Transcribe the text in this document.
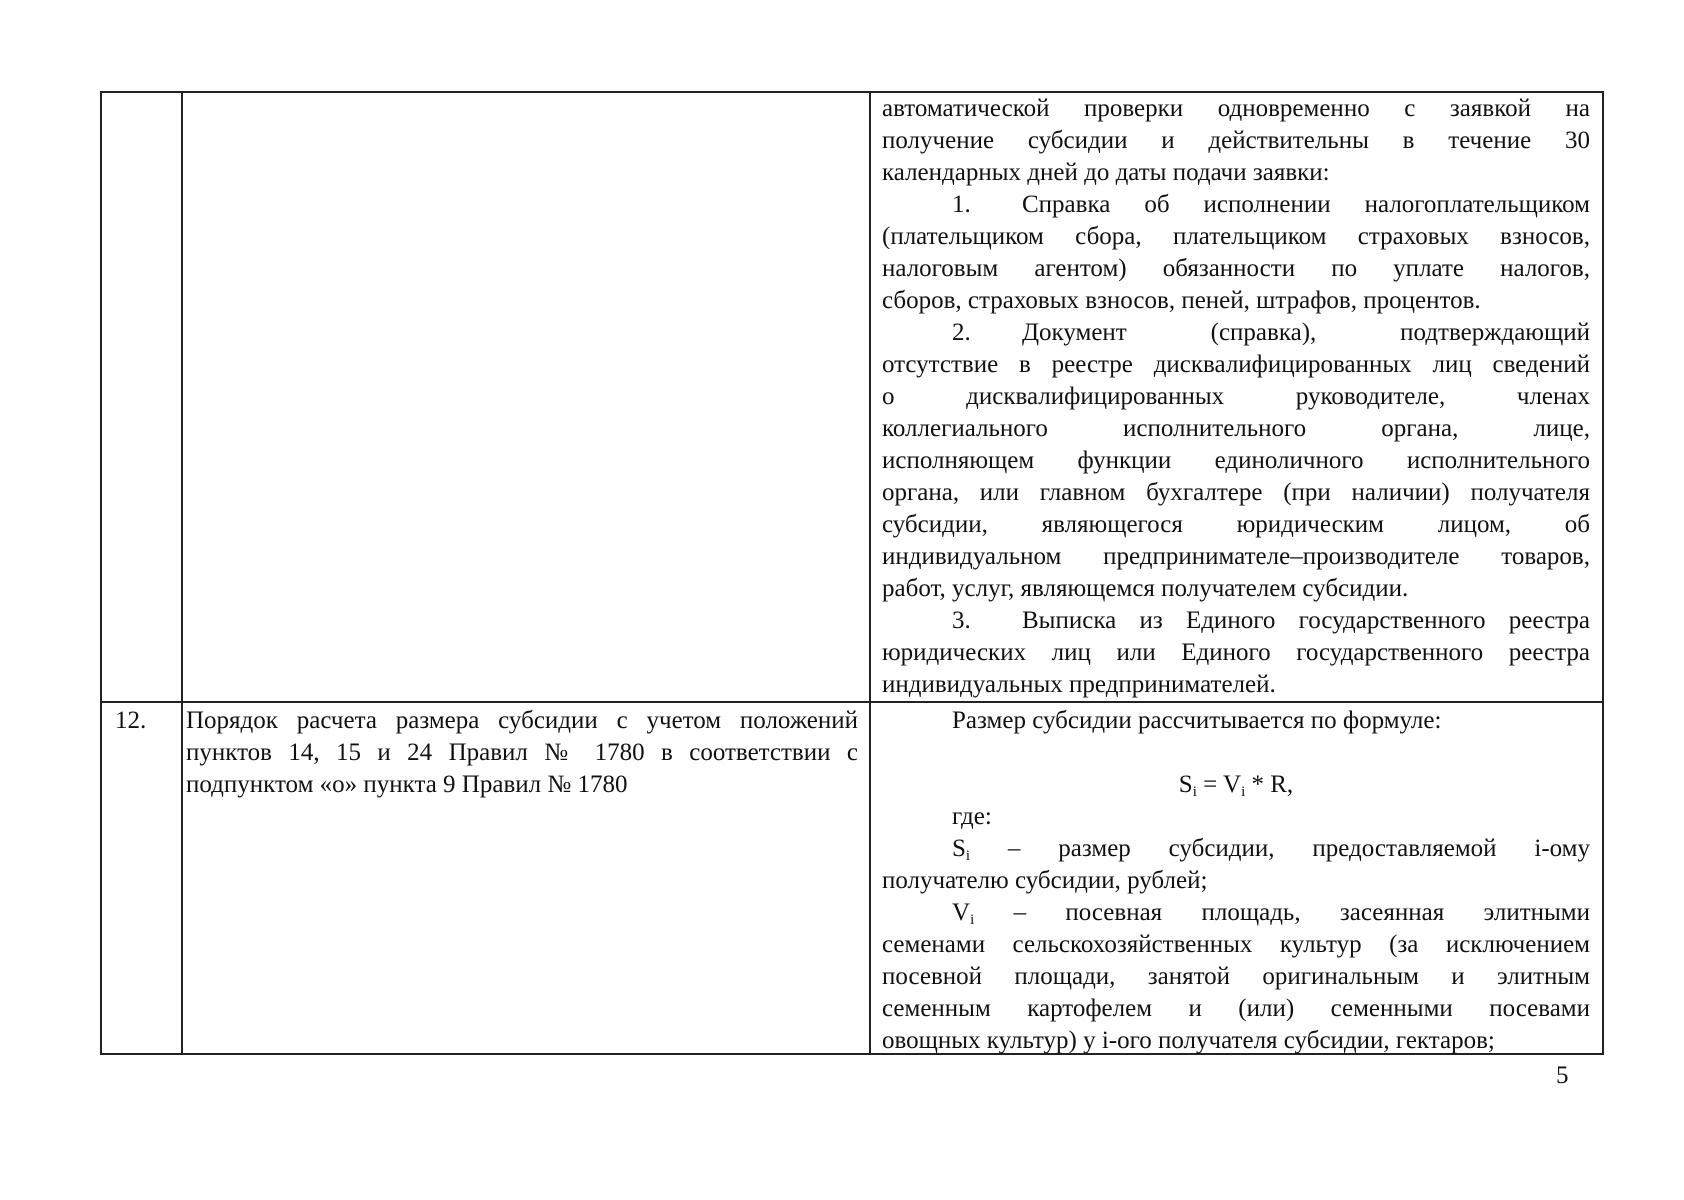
автоматической проверки одновременно с заявкой на
получение субсидии и действительны в течение 30
календарных дней до даты подачи заявки:
1. Справка об исполнении налогоплательщиком
(плательщиком сбора, плательщиком страховых взносов,
налоговым агентом) обязанности по уплате налогов,
сборов, страховых взносов, пеней, штрафов, процентов.
2. Документ (справка), подтверждающий
отсутствие в реестре дисквалифицированных лиц сведений
о дисквалифицированных руководителе, членах
коллегиального исполнительного органа, лице,
исполняющем функции единоличного исполнительного
органа, или главном бухгалтере (при наличии) получателя
субсидии, являющегося юридическим лицом, об
индивидуальном предпринимателе–производителе товаров,
работ, услуг, являющемся получателем субсидии.
3. Выписка из Единого государственного реестра
юридических лиц или Единого государственного реестра
индивидуальных предпринимателей.
12. Порядок расчета размера субсидии с учетом положений
пунктов 14, 15 и 24 Правил № 1780 в соответствии с
подпунктом «о» пункта 9 Правил № 1780
Размер субсидии рассчитывается по формуле:
$S_i = V_i * R$,
где:
$S_i$ – размер субсидии, предоставляемой i-ому
получателю субсидии, рублей;
$V_i$ – посевная площадь, засеянная элитными
семенами сельскохозяйственных культур (за исключением
посевной площади, занятой оригинальным и элитным
семенным картофелем и (или) семенными посевами
овощных культур) у i-ого получателя субсидии, гектаров;
5
